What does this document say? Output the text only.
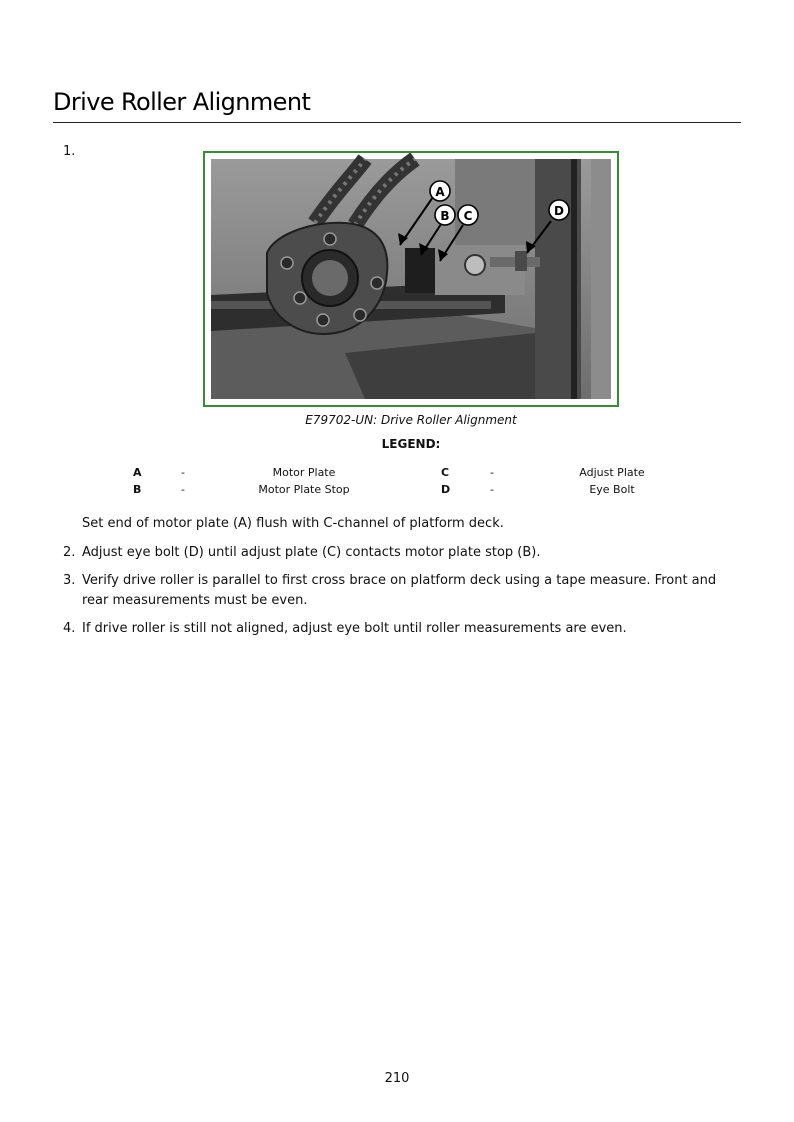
Drive Roller Alignment
1.
A
B C	D
E79702-UN: Drive Roller Alignment
LEGEND:
A	-	Motor Plate	C	-	Adjust Plate
B	-	Motor Plate Stop	D	-	Eye Bolt

Set end of motor plate (A) flush with C-channel of platform deck.

2. Adjust eye bolt (D) until adjust plate (C) contacts motor plate stop (B).

3. Verify drive roller is parallel to first cross brace on platform deck using a tape measure. Front and rear measurements must be even.

4. If drive roller is still not aligned, adjust eye bolt until roller measurements are even.

210
